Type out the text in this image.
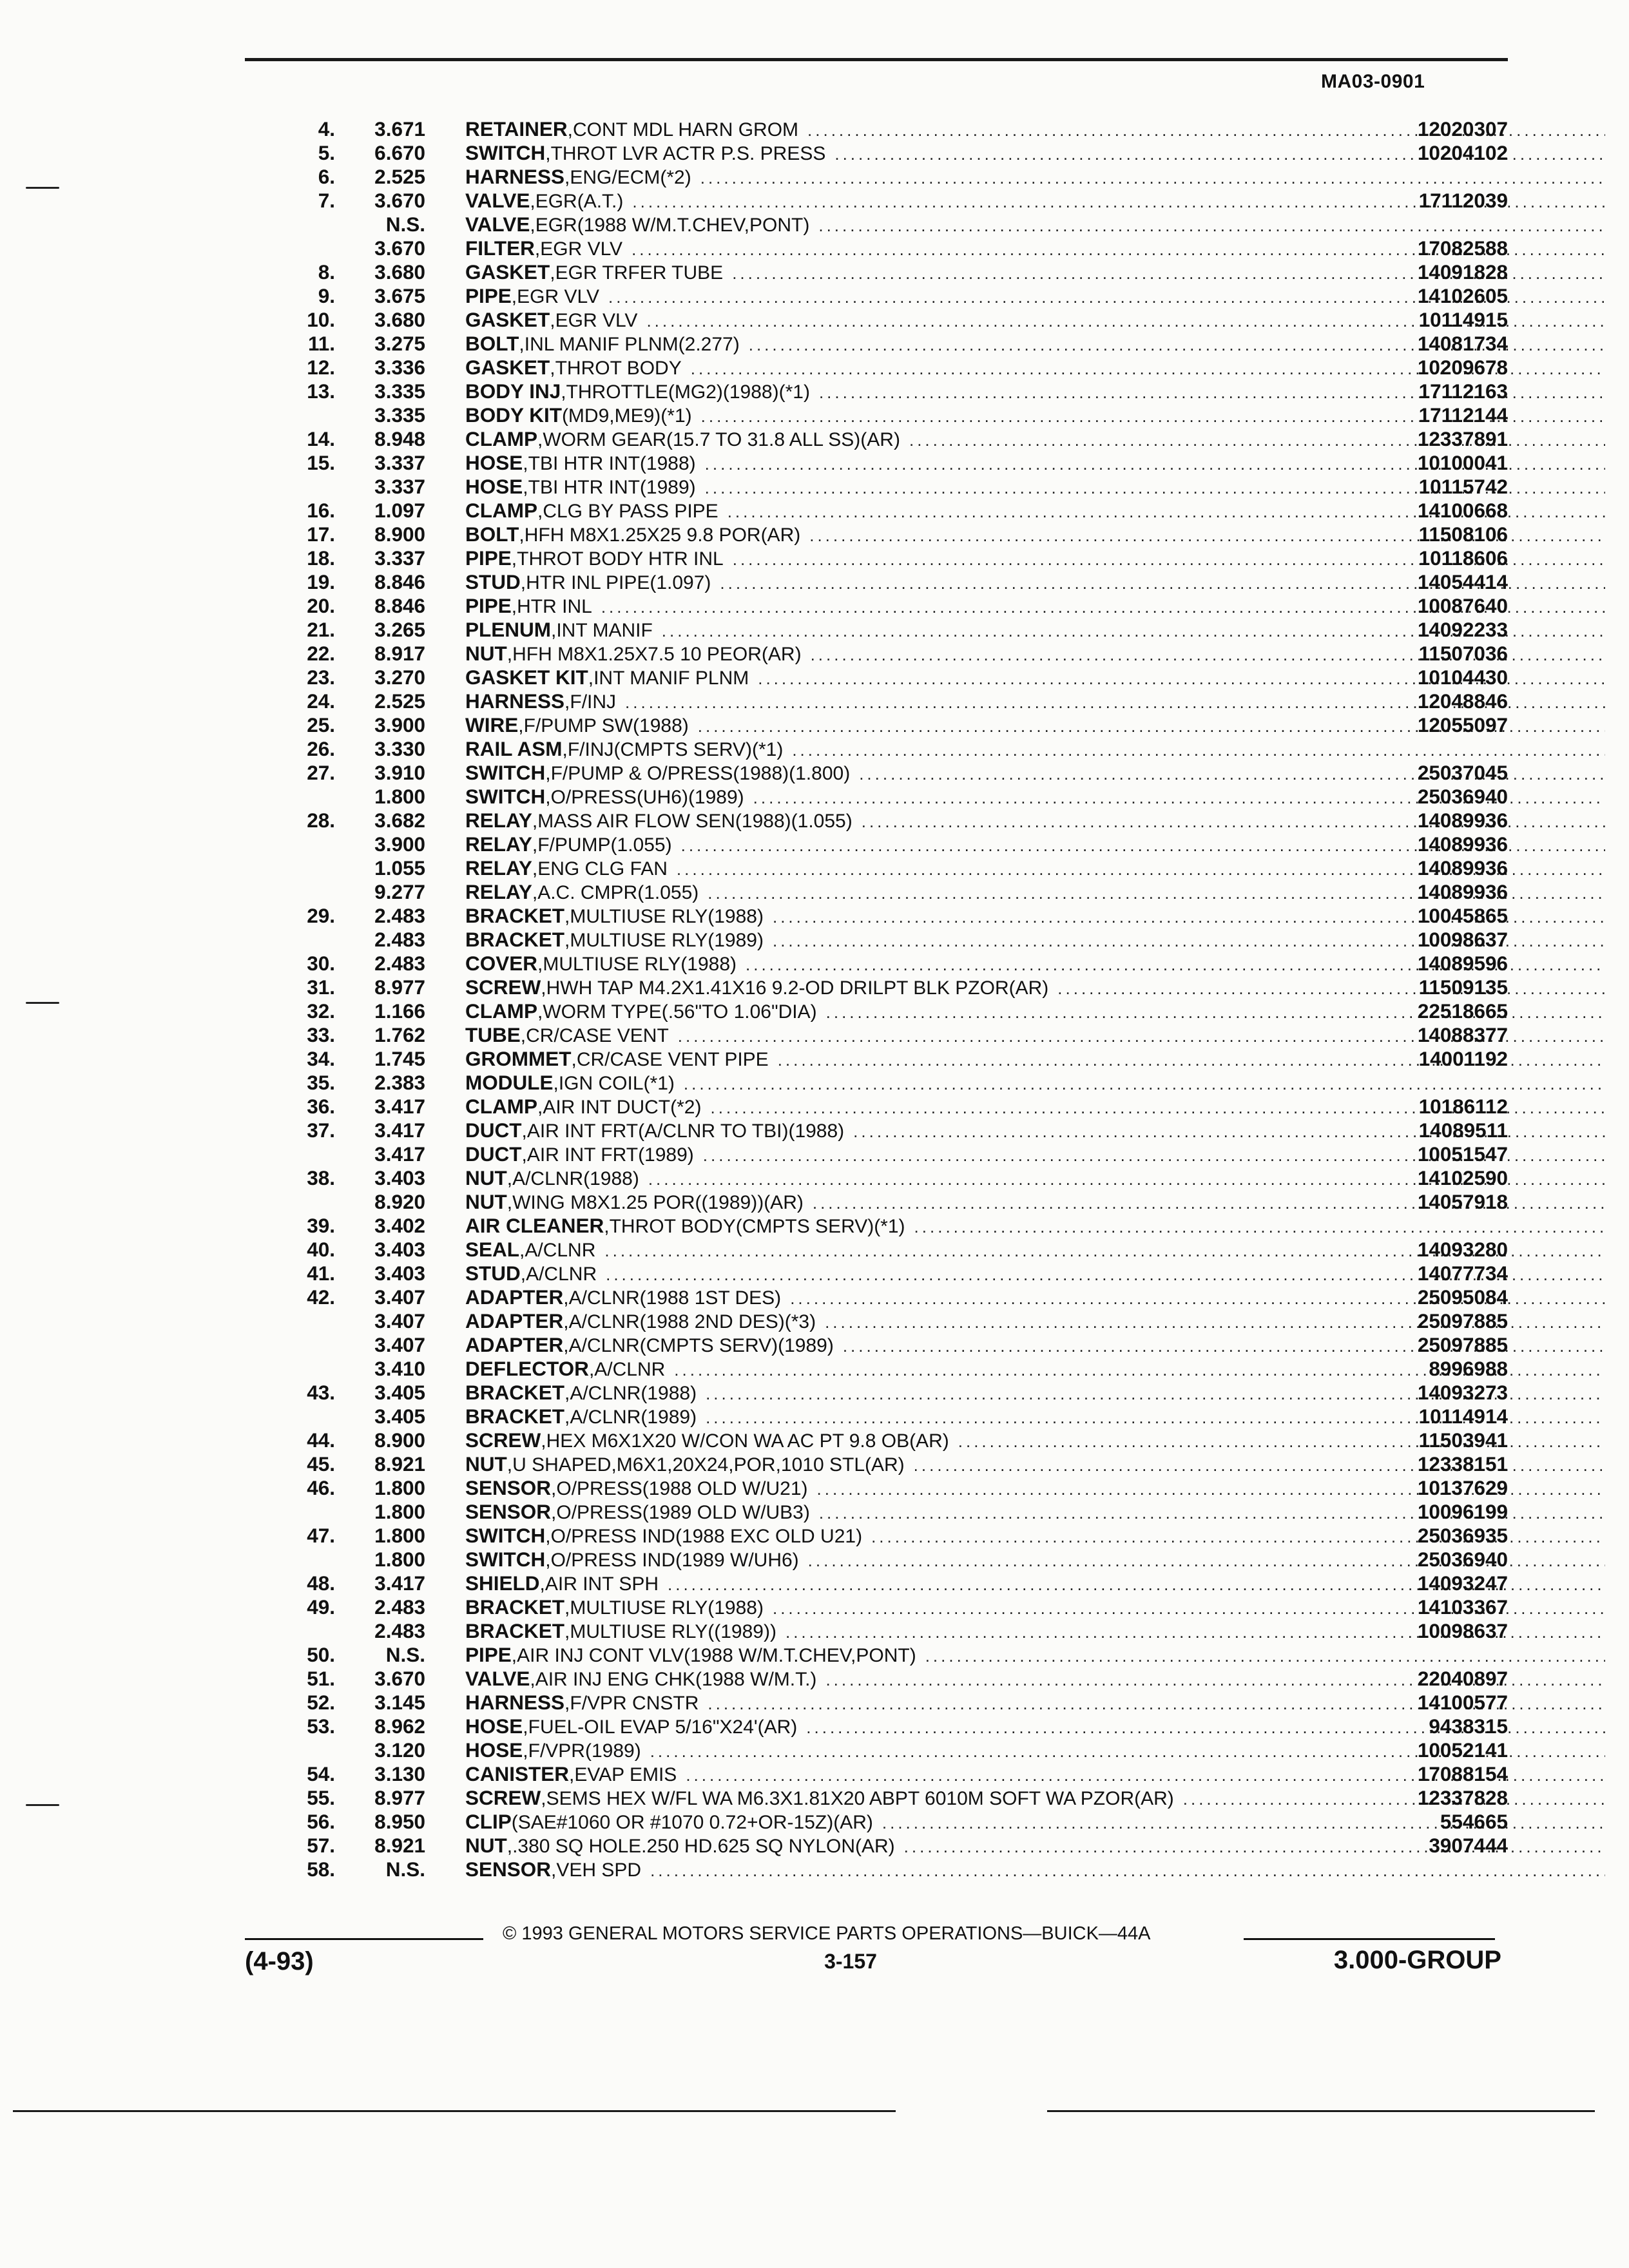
MA03-0901
4.	3.671 RETAINER ,CONT MDL HARN GROM .....	12020307
5.	6.670 SWITCH ,THROT LVR ACTR P.S. PRESS .....	10204102
6.	2.525 HARNESS ,ENG/ECM(*2)
.....
7.	3.670 VALVE ,EGR(A.T.) .....	17112039
N.S. VALVE ,EGR(1988 W/M.T.CHEV,PONT)
.....
3.670 FILTER ,EGR VLV .....	17082588
8.	3.680 GASKET ,EGR TRFER TUBE .....	14091828
9.	3.675 PIPE ,EGR VLV .....	14102605
10.	3.680 GASKET ,EGR VLV .....	10114915
11.	3.275 BOLT ,INL MANIF PLNM(2.277) .....	14081734
12.	3.336 GASKET ,THROT BODY .....	10209678
13.	3.335 BODY INJ ,THROTTLE(MG2)(1988)(*1) .....	17112163
3.335 BODY KIT (MD9,ME9)(*1) .....	17112144
14.	8.948 CLAMP ,WORM GEAR(15.7 TO 31.8 ALL SS)(AR) .....	12337891
15.	3.337 HOSE ,TBI HTR INT(1988) .....	10100041
3.337 HOSE ,TBI HTR INT(1989) .....	10115742
16.	1.097 CLAMP ,CLG BY PASS PIPE .....	14100668
17.	8.900 BOLT ,HFH M8X1.25X25 9.8 POR(AR) .....	11508106
18.	3.337 PIPE ,THROT BODY HTR INL .....	10118606
19.	8.846 STUD ,HTR INL PIPE(1.097) .....	14054414
20.	8.846 PIPE ,HTR INL .....	10087640
21.	3.265 PLENUM ,INT MANIF .....	14092233
22.	8.917 NUT ,HFH M8X1.25X7.5 10 PEOR(AR) .....	11507036
23.	3.270 GASKET KIT ,INT MANIF PLNM .....	10104430
24.	2.525 HARNESS ,F/INJ .....	12048846
25.	3.900 WIRE ,F/PUMP SW(1988) .....	12055097
26.	3.330 RAIL ASM ,F/INJ(CMPTS SERV)(*1)
.....
27.	3.910 SWITCH ,F/PUMP & O/PRESS(1988)(1.800) .....	25037045
1.800 SWITCH ,O/PRESS(UH6)(1989) .....	25036940
28.	3.682 RELAY ,MASS AIR FLOW SEN(1988)(1.055) .....	14089936
3.900 RELAY ,F/PUMP(1.055) .....	14089936
1.055 RELAY ,ENG CLG FAN .....	14089936
9.277 RELAY ,A.C. CMPR(1.055) .....	14089936
29.	2.483 BRACKET ,MULTIUSE RLY(1988) .....	10045865
2.483 BRACKET ,MULTIUSE RLY(1989) .....	10098637
30.	2.483 COVER ,MULTIUSE RLY(1988) .....	14089596
31.	8.977 SCREW ,HWH TAP M4.2X1.41X16 9.2-OD DRILPT BLK PZOR(AR) .....	11509135
32.	1.166 CLAMP ,WORM TYPE(.56"TO 1.06"DIA) .....	22518665
33.	1.762 TUBE ,CR/CASE VENT .....	14088377
34.	1.745 GROMMET ,CR/CASE VENT PIPE .....	14001192
35.	2.383 MODULE ,IGN COIL(*1)
.....
36.	3.417 CLAMP ,AIR INT DUCT(*2) .....	10186112
37.	3.417 DUCT ,AIR INT FRT(A/CLNR TO TBI)(1988) .....	14089511
3.417 DUCT ,AIR INT FRT(1989) .....	10051547
38.	3.403 NUT ,A/CLNR(1988) .....	14102590
8.920 NUT ,WING M8X1.25 POR((1989))(AR) .....	14057918
39.	3.402 AIR CLEANER ,THROT BODY(CMPTS SERV)(*1)
.....
40.	3.403 SEAL ,A/CLNR .....	14093280
41.	3.403 STUD ,A/CLNR .....	14077734
42.	3.407 ADAPTER ,A/CLNR(1988 1ST DES) .....	25095084
3.407 ADAPTER ,A/CLNR(1988 2ND DES)(*3) .....	25097885
3.407 ADAPTER ,A/CLNR(CMPTS SERV)(1989) .....	25097885
3.410 DEFLECTOR ,A/CLNR .....	8996988
43.	3.405 BRACKET ,A/CLNR(1988) .....	14093273
3.405 BRACKET ,A/CLNR(1989) .....	10114914
44.	8.900 SCREW ,HEX M6X1X20 W/CON WA AC PT 9.8 OB(AR) .....	11503941
45.	8.921 NUT ,U SHAPED,M6X1,20X24,POR,1010 STL(AR) .....	12338151
46.	1.800 SENSOR ,O/PRESS(1988 OLD W/U21) .....	10137629
1.800 SENSOR ,O/PRESS(1989 OLD W/UB3) .....	10096199
47.	1.800 SWITCH ,O/PRESS IND(1988 EXC OLD U21) .....	25036935
1.800 SWITCH ,O/PRESS IND(1989 W/UH6) .....	25036940
48.	3.417 SHIELD ,AIR INT SPH .....	14093247
49.	2.483 BRACKET ,MULTIUSE RLY(1988) .....	14103367
2.483 BRACKET ,MULTIUSE RLY((1989)) .....	10098637
50.	N.S. PIPE ,AIR INJ CONT VLV(1988 W/M.T.CHEV,PONT)
.....
51.	3.670 VALVE ,AIR INJ ENG CHK(1988 W/M.T.) .....	22040897
52.	3.145 HARNESS ,F/VPR CNSTR .....	14100577
53.	8.962 HOSE ,FUEL-OIL EVAP 5/16"X24'(AR) .....	9438315
3.120 HOSE ,F/VPR(1989) .....	10052141
54.	3.130 CANISTER ,EVAP EMIS .....	17088154
55.	8.977 SCREW ,SEMS HEX W/FL WA M6.3X1.81X20 ABPT 6010M SOFT WA PZOR(AR) .....	12337828
56.	8.950 CLIP (SAE#1060 OR #1070 0.72+OR-15Z)(AR) .....	554665
57.	8.921 NUT ,.380 SQ HOLE.250 HD.625 SQ NYLON(AR) .....	3907444
58.	N.S. SENSOR ,VEH SPD
.....
© 1993 GENERAL MOTORS SERVICE PARTS OPERATIONS—BUICK—44A
(4-93)	3-157	3.000-GROUP
